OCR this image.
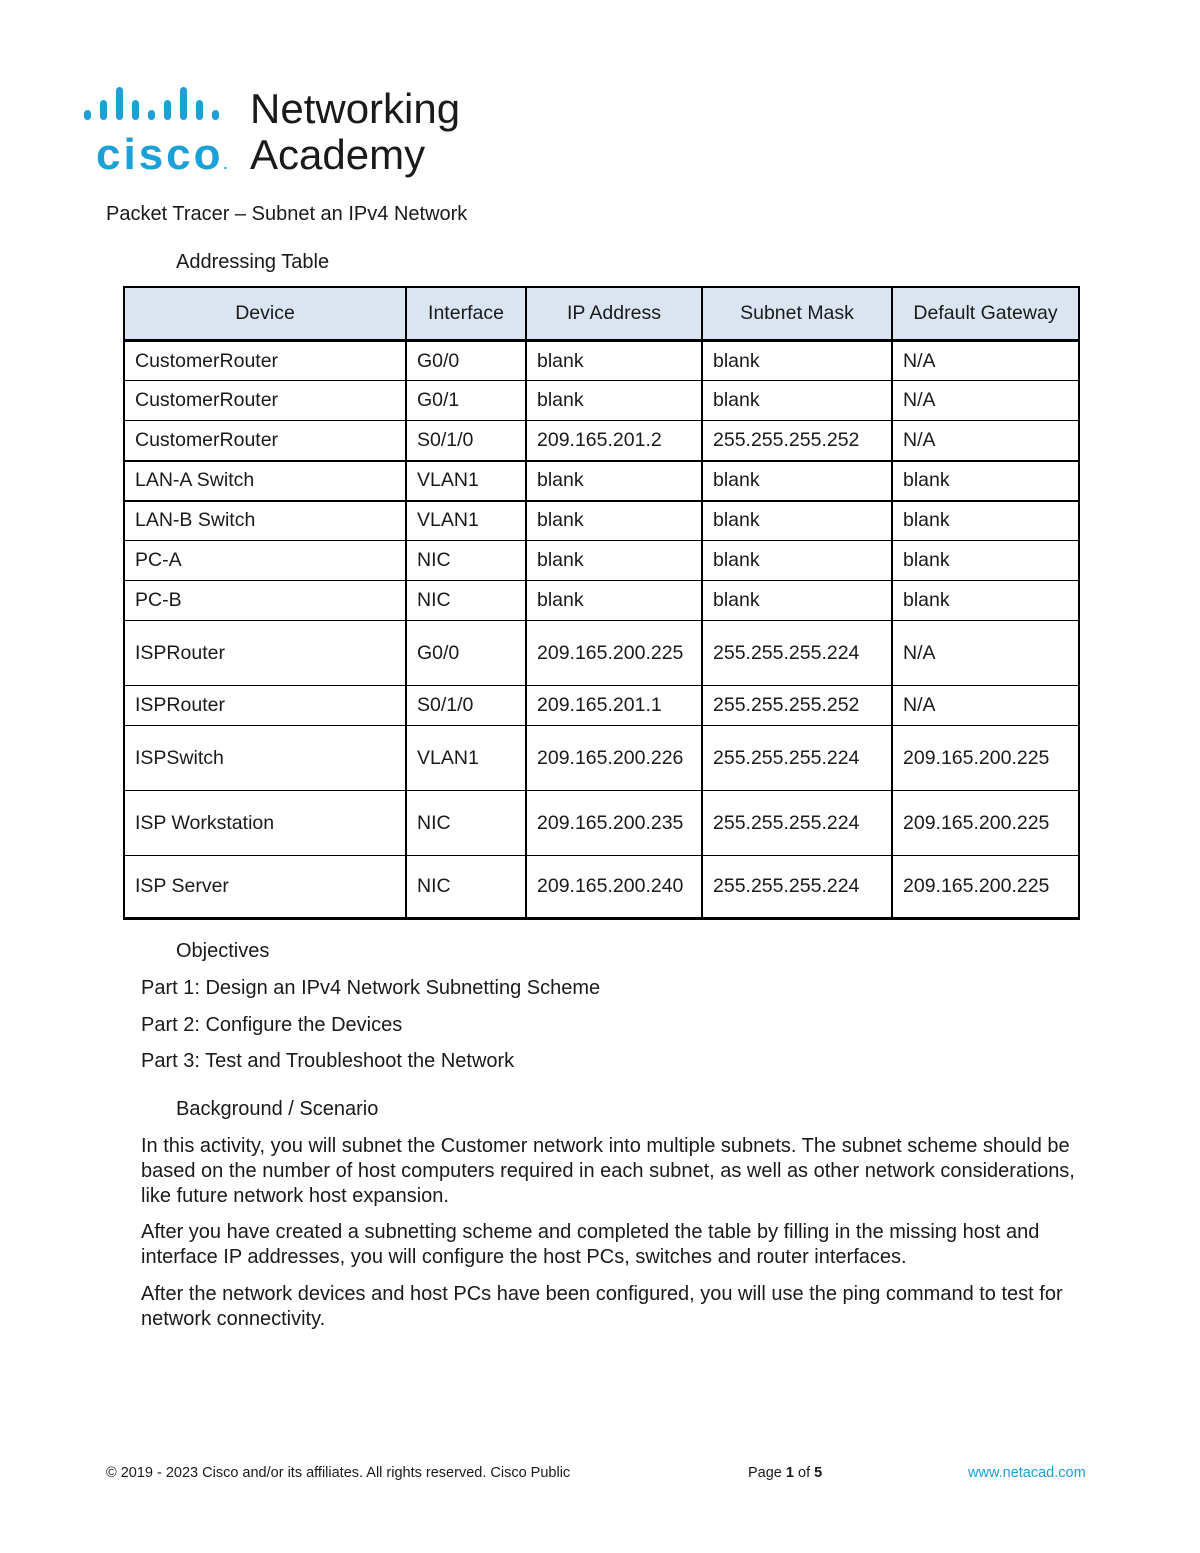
cisco.
Networking
Academy
Packet Tracer – Subnet an IPv4 Network
Addressing Table
Device	Interface	IP Address	Subnet Mask	Default Gateway
CustomerRouter	G0/0	blank	blank	N/A
CustomerRouter	G0/1	blank	blank	N/A
CustomerRouter	S0/1/0	209.165.201.2	255.255.255.252	N/A
LAN-A Switch	VLAN1	blank	blank	blank
LAN-B Switch	VLAN1	blank	blank	blank
PC-A	NIC	blank	blank	blank
PC-B	NIC	blank	blank	blank
ISPRouter	G0/0	209.165.200.225	255.255.255.224	N/A
ISPRouter	S0/1/0	209.165.201.1	255.255.255.252	N/A
ISPSwitch	VLAN1	209.165.200.226	255.255.255.224	209.165.200.225
ISP Workstation	NIC	209.165.200.235	255.255.255.224	209.165.200.225
ISP Server	NIC	209.165.200.240	255.255.255.224	209.165.200.225
Objectives
Part 1: Design an IPv4 Network Subnetting Scheme
Part 2: Configure the Devices
Part 3: Test and Troubleshoot the Network
Background / Scenario

In this activity, you will subnet the Customer network into multiple subnets. The subnet scheme should be based on the number of host computers required in each subnet, as well as other network considerations, like future network host expansion.

After you have created a subnetting scheme and completed the table by filling in the missing host and interface IP addresses, you will configure the host PCs, switches and router interfaces.

After the network devices and host PCs have been configured, you will use the ping command to test for network connectivity.

© 2019 - 2023 Cisco and/or its affiliates. All rights reserved. Cisco Public	Page 1 of 5	www.netacad.com
